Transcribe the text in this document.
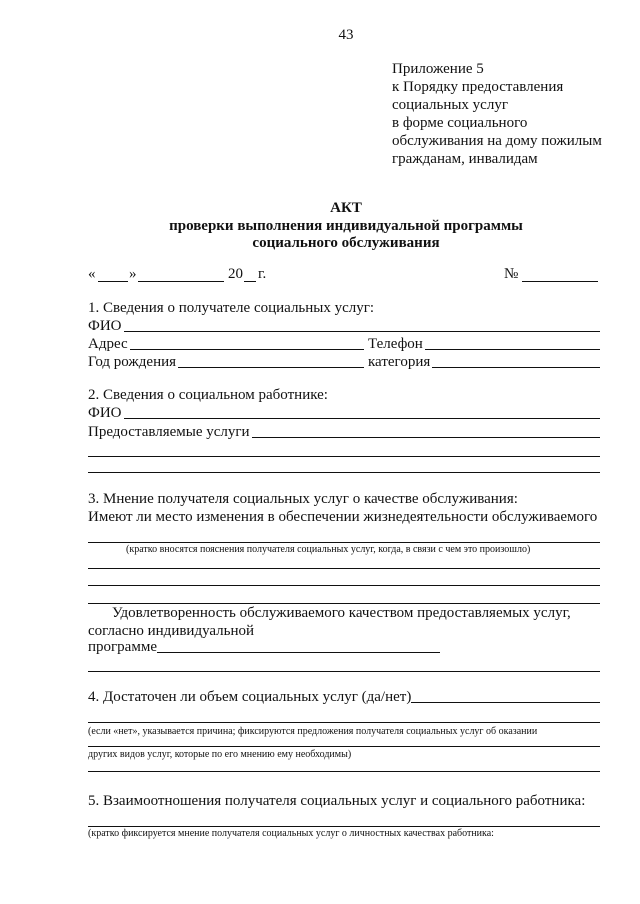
43
Приложение 5
к Порядку предоставления
социальных услуг
в форме социального
обслуживания на дому пожилым
гражданам, инвалидам
АКТ
проверки выполнения индивидуальной программы
социального обслуживания
« »	20 г.	№
1. Сведения о получателе социальных услуг:
ФИО
Адрес	Телефон
Год рождения	категория
2. Сведения о социальном работнике:
ФИО
Предоставляемые услуги
3. Мнение получателя социальных услуг о качестве обслуживания:
Имеют ли место изменения в обеспечении жизнедеятельности обслуживаемого
(кратко вносятся пояснения получателя социальных услуг, когда, в связи с чем это произошло)
Удовлетворенность обслуживаемого качеством предоставляемых услуг,
согласно индивидуальной
программе
4. Достаточен ли объем социальных услуг (да/нет)
(если «нет», указывается причина; фиксируются предложения получателя социальных услуг об оказании
других видов услуг, которые по его мнению ему необходимы)
5. Взаимоотношения получателя социальных услуг и социального работника:
(кратко фиксируется мнение получателя социальных услуг о личностных качествах работника:
